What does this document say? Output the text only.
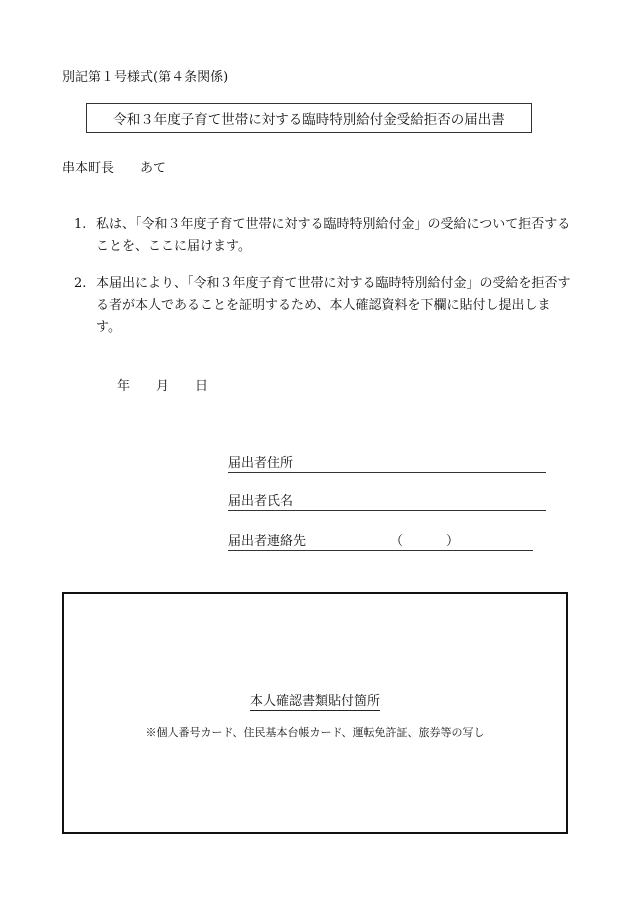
別記第１号様式(第４条関係)
令和３年度子育て世帯に対する臨時特別給付金受給拒否の届出書
串本町長 あて
1. 私は、「令和３年度子育て世帯に対する臨時特別給付金」の受給について拒否することを、ここに届けます。
2. 本届出により、「令和３年度子育て世帯に対する臨時特別給付金」の受給を拒否する者が本人であることを証明するため、本人確認資料を下欄に貼付し提出します。
年 月 日
届出者住所
届出者氏名
届出者連絡先	（	）
本人確認書類貼付箇所
※個人番号カード、住民基本台帳カード、運転免許証、旅券等の写し
